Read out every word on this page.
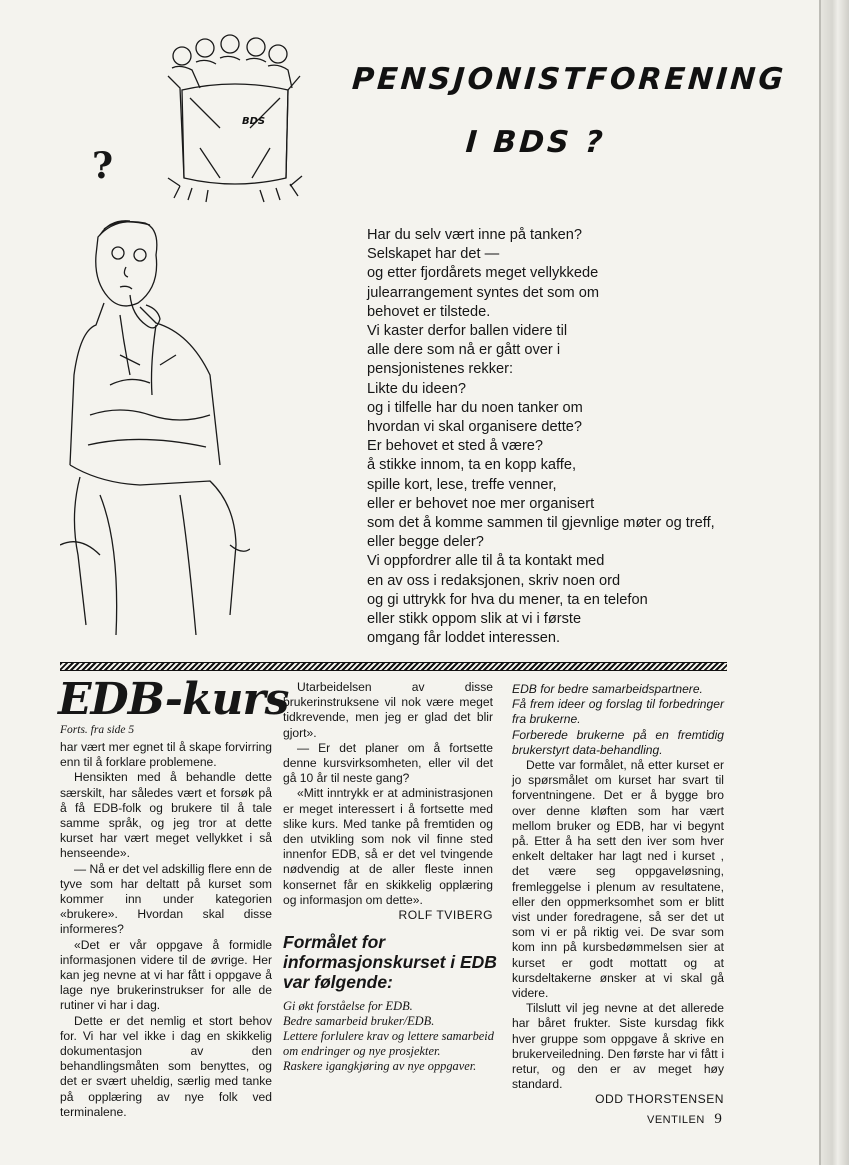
BDS
?
PENSJONISTFORENING
I BDS ?
Har du selv vært inne på tanken?
Selskapet har det —
og etter fjordårets meget vellykkede
julearrangement syntes det som om
behovet er tilstede.
Vi kaster derfor ballen videre til
alle dere som nå er gått over i
pensjonistenes rekker:
Likte du ideen?
og i tilfelle har du noen tanker om
hvordan vi skal organisere dette?
Er behovet et sted å være?
å stikke innom, ta en kopp kaffe,
spille kort, lese, treffe venner,
eller er behovet noe mer organisert
som det å komme sammen til gjevnlige møter og treff,
eller begge deler?
Vi oppfordrer alle til å ta kontakt med
en av oss i redaksjonen, skriv noen ord
og gi uttrykk for hva du mener, ta en telefon
eller stikk oppom slik at vi i første
omgang får loddet interessen.
EDB-kurs
Forts. fra side 5

har vært mer egnet til å skape forvirring enn til å forklare problemene.

Hensikten med å behandle dette særskilt, har således vært et forsøk på å få EDB-folk og brukere til å tale samme språk, og jeg tror at dette kurset har vært meget vellykket i så henseende».

— Nå er det vel adskillig flere enn de tyve som har deltatt på kurset som kommer inn under kategorien «brukere». Hvordan skal disse informeres?

«Det er vår oppgave å formidle informasjonen videre til de øvrige. Her kan jeg nevne at vi har fått i oppgave å lage nye brukerinstrukser for alle de rutiner vi har i dag.

Dette er det nemlig et stort behov for. Vi har vel ikke i dag en skikkelig dokumentasjon av den behandlingsmåten som benyttes, og det er svært uheldig, særlig med tanke på opplæring av nye folk ved terminalene.

Utarbeidelsen av disse brukerinstruksene vil nok være meget tidkrevende, men jeg er glad det blir gjort».

— Er det planer om å fortsette denne kursvirksomheten, eller vil det gå 10 år til neste gang?

«Mitt inntrykk er at administrasjonen er meget interessert i å fortsette med slike kurs. Med tanke på fremtiden og den utvikling som nok vil finne sted innenfor EDB, så er det vel tvingende nødvendig at de aller fleste innen konsernet får en skikkelig opplæring og informasjon om dette».

ROLF TVIBERG

Formålet for informasjonskurset i EDB var følgende:

Gi økt forståelse for EDB.

Bedre samarbeid bruker/EDB.

Lettere forlulere krav og lettere samarbeid om endringer og nye prosjekter.

Raskere igangkjøring av nye oppgaver.

EDB for bedre samarbeidspartnere.

Få frem ideer og forslag til forbedringer fra brukerne.

Forberede brukerne på en fremtidig brukerstyrt data-behandling.

Dette var formålet, nå etter kurset er jo spørsmålet om kurset har svart til forventningene. Det er å bygge bro over denne kløften som har vært mellom bruker og EDB, har vi begynt på. Etter å ha sett den iver som hver enkelt deltaker har lagt ned i kurset , det være seg oppgaveløsning, fremleggelse i plenum av resultatene, eller den oppmerksomhet som er blitt vist under foredragene, så ser det ut som vi er på riktig vei. De svar som kom inn på kursbedømmelsen sier at kurset er godt mottatt og at kursdeltakerne ønsker at vi skal gå videre.

Tilslutt vil jeg nevne at det allerede har båret frukter. Siste kursdag fikk hver gruppe som oppgave å skrive en brukerveiledning. Den første har vi fått i retur, og den er av meget høy standard.

ODD THORSTENSEN

VENTILEN 9
